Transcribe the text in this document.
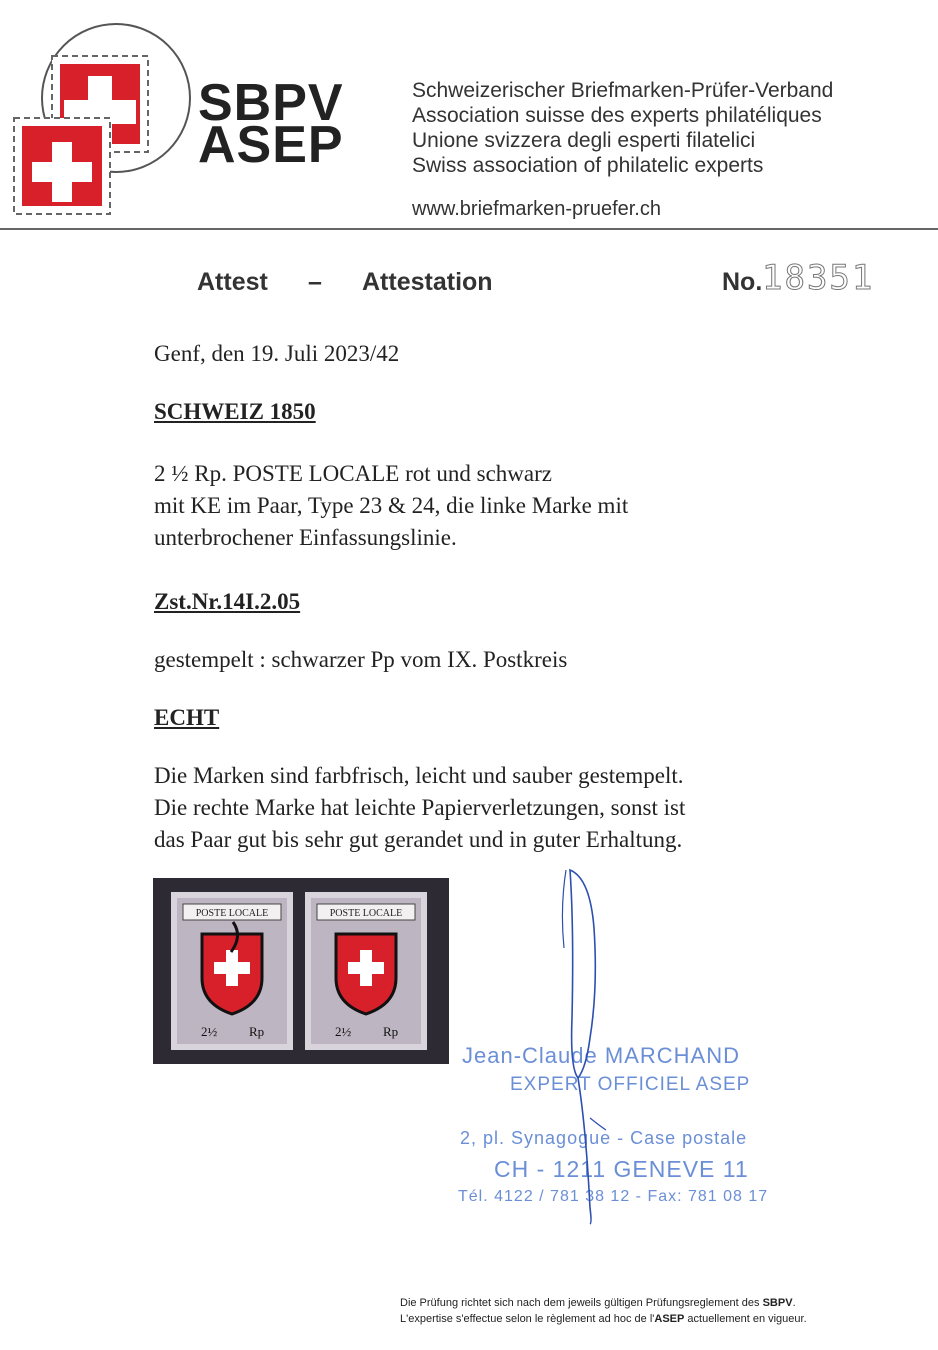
SBPV
ASEP
Schweizerischer Briefmarken-Prüfer-Verband
Association suisse des experts philatéliques
Unione svizzera degli esperti filatelici
Swiss association of philatelic experts
www.briefmarken-pruefer.ch
Attest – Attestation	No. 18351
Genf, den 19. Juli 2023/42
SCHWEIZ 1850
2 ½ Rp. POSTE LOCALE rot und schwarz
mit KE im Paar, Type 23 & 24, die linke Marke mit
unterbrochener Einfassungslinie.
Zst.Nr.14I.2.05
gestempelt : schwarzer Pp vom IX. Postkreis
ECHT
Die Marken sind farbfrisch, leicht und sauber gestempelt.
Die rechte Marke hat leichte Papierverletzungen, sonst ist
das Paar gut bis sehr gut gerandet und in guter Erhaltung.
POSTE LOCALE
2½ Rp
POSTE LOCALE
2½ Rp
Jean-Claude MARCHAND
EXPERT OFFICIEL ASEP
2, pl. Synagogue - Case postale
CH - 1211 GENEVE 11
Tél. 4122 / 781 38 12 - Fax: 781 08 17
Die Prüfung richtet sich nach dem jeweils gültigen Prüfungsreglement des SBPV.
L'expertise s'effectue selon le règlement ad hoc de l'ASEP actuellement en vigueur.
